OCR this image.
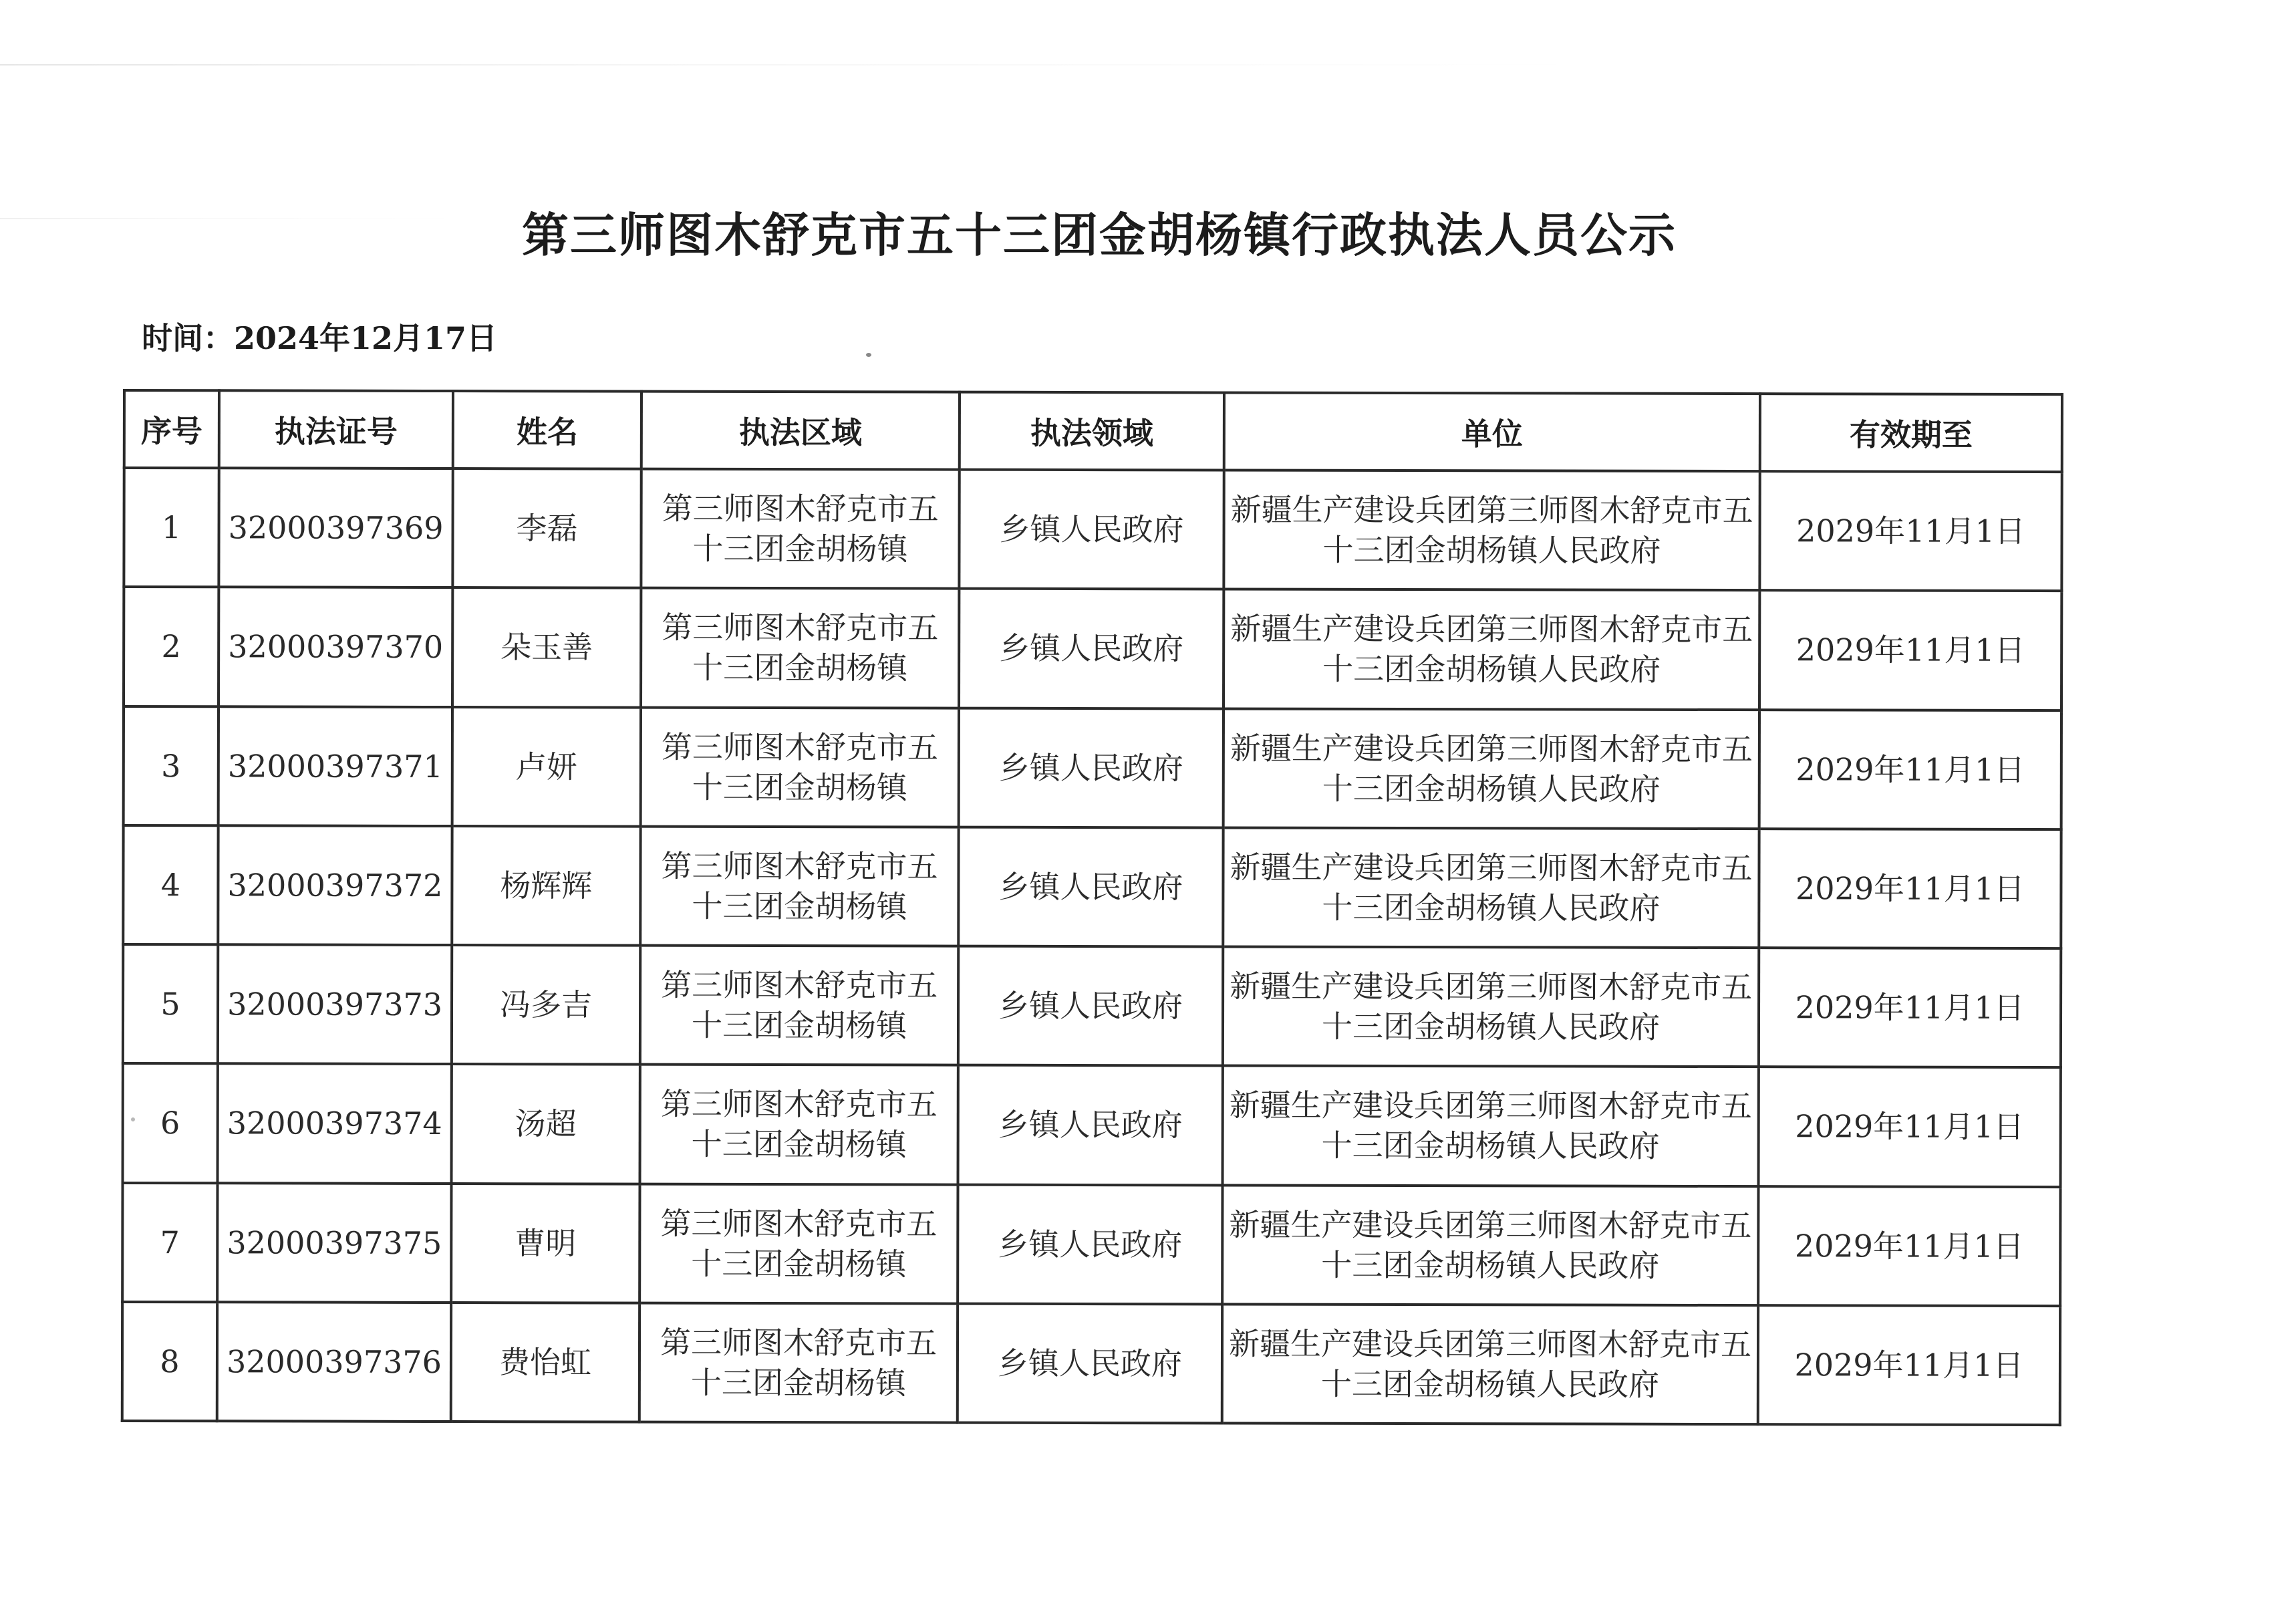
第三师图木舒克市五十三团金胡杨镇行政执法人员公示
时间：2024年12月17日
序号	执法证号	姓名	执法区域	执法领域	单位	有效期至
1	32000397369	李磊	第三师图木舒克市五十三团金胡杨镇	乡镇人民政府	新疆生产建设兵团第三师图木舒克市五十三团金胡杨镇人民政府	2029年11月1日
2	32000397370	朵玉善	第三师图木舒克市五十三团金胡杨镇	乡镇人民政府	新疆生产建设兵团第三师图木舒克市五十三团金胡杨镇人民政府	2029年11月1日
3	32000397371	卢妍	第三师图木舒克市五十三团金胡杨镇	乡镇人民政府	新疆生产建设兵团第三师图木舒克市五十三团金胡杨镇人民政府	2029年11月1日
4	32000397372	杨辉辉	第三师图木舒克市五十三团金胡杨镇	乡镇人民政府	新疆生产建设兵团第三师图木舒克市五十三团金胡杨镇人民政府	2029年11月1日
5	32000397373	冯多吉	第三师图木舒克市五十三团金胡杨镇	乡镇人民政府	新疆生产建设兵团第三师图木舒克市五十三团金胡杨镇人民政府	2029年11月1日
6	32000397374	汤超	第三师图木舒克市五十三团金胡杨镇	乡镇人民政府	新疆生产建设兵团第三师图木舒克市五十三团金胡杨镇人民政府	2029年11月1日
7	32000397375	曹明	第三师图木舒克市五十三团金胡杨镇	乡镇人民政府	新疆生产建设兵团第三师图木舒克市五十三团金胡杨镇人民政府	2029年11月1日
8	32000397376	费怡虹	第三师图木舒克市五十三团金胡杨镇	乡镇人民政府	新疆生产建设兵团第三师图木舒克市五十三团金胡杨镇人民政府	2029年11月1日
